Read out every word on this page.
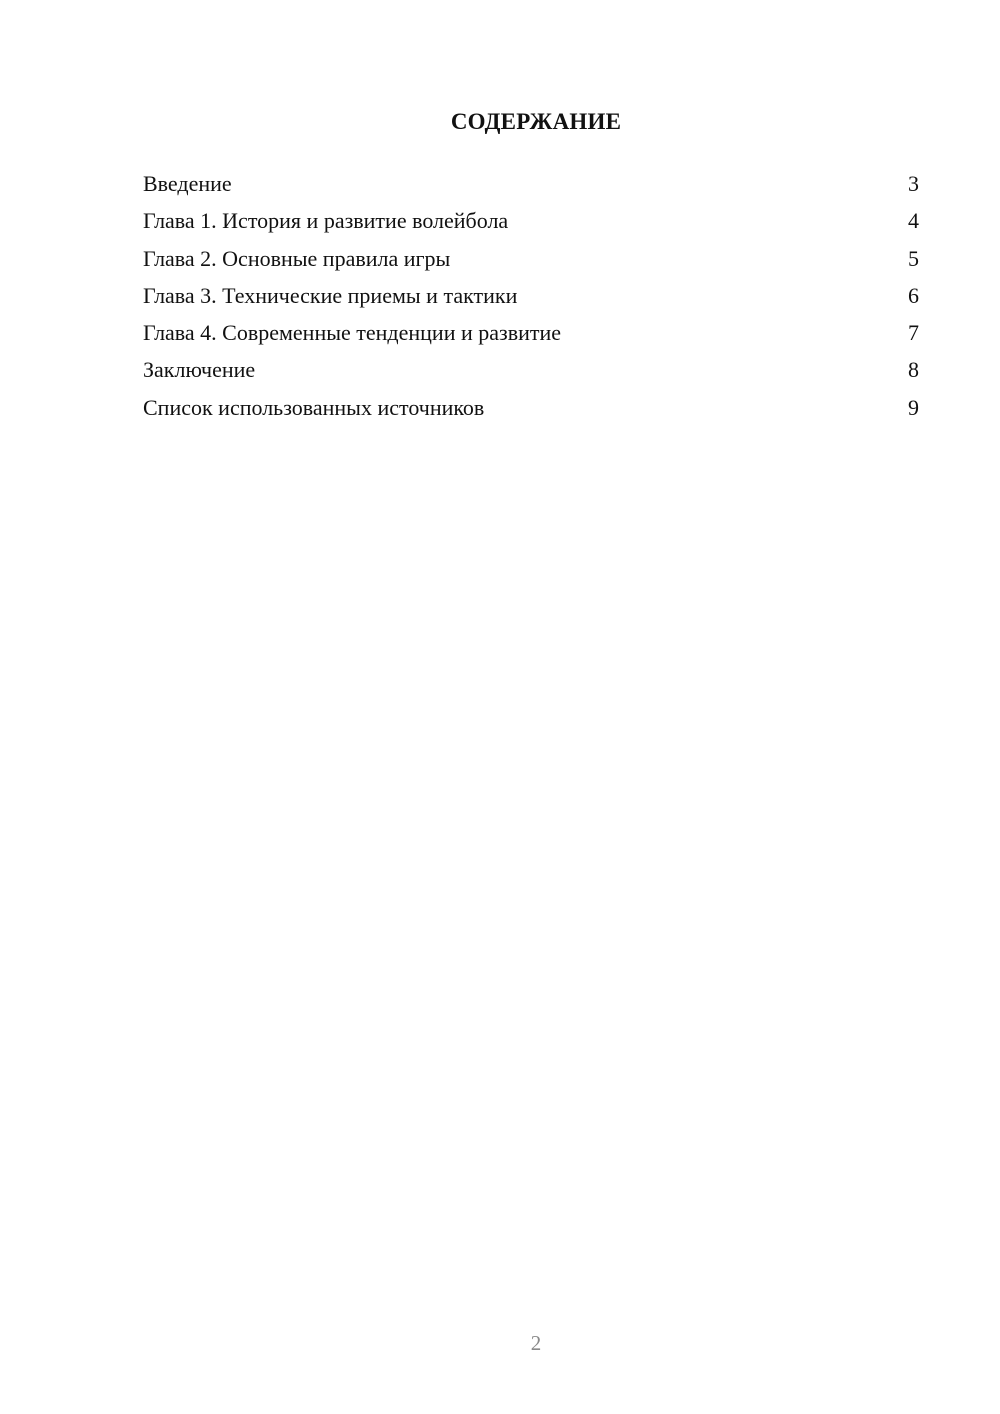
СОДЕРЖАНИЕ
Введение	3
Глава 1. История и развитие волейбола	4
Глава 2. Основные правила игры	5
Глава 3. Технические приемы и тактики	6
Глава 4. Современные тенденции и развитие	7
Заключение	8
Список использованных источников	9
2
